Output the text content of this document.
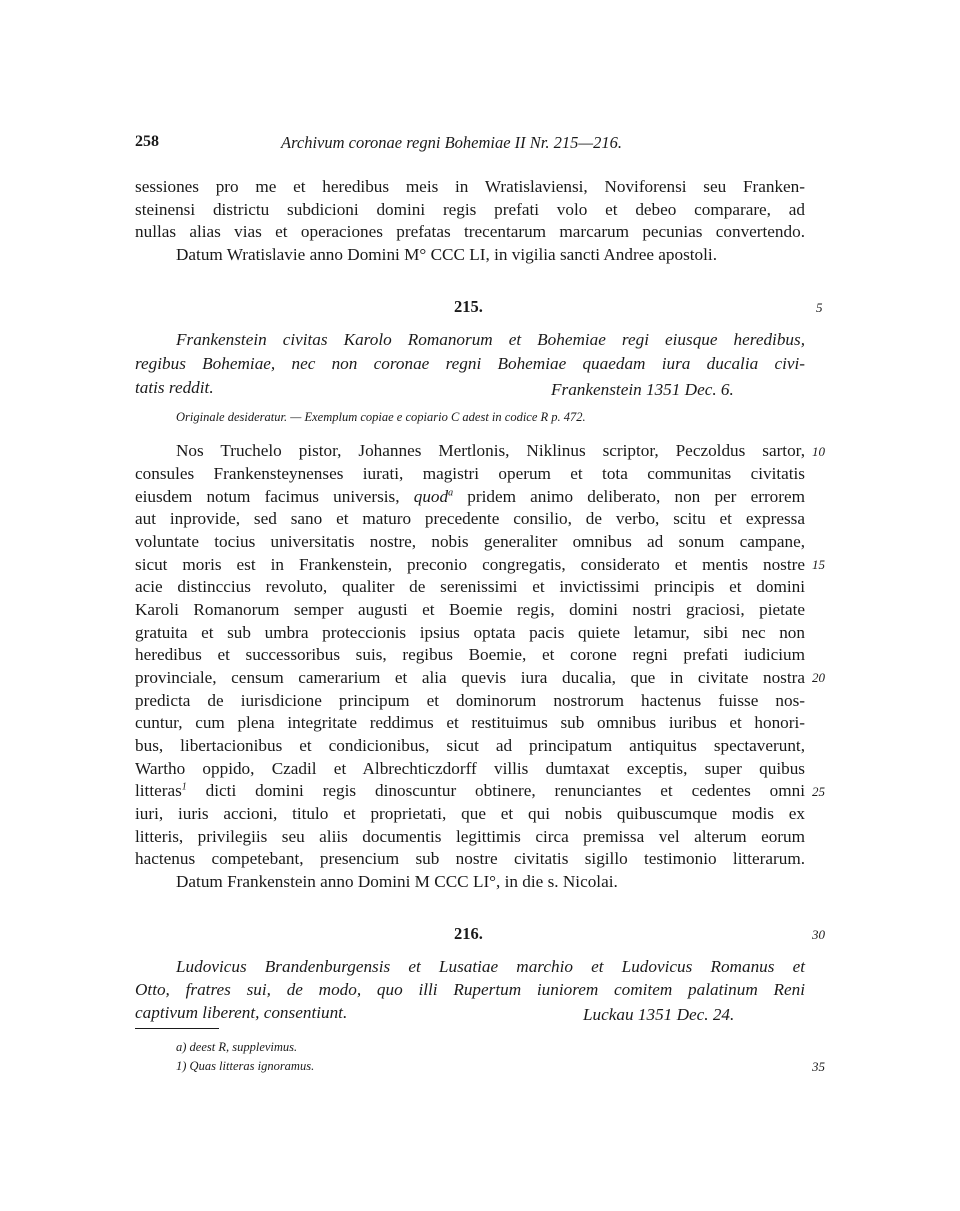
258	Archivum coronae regni Bohemiae II Nr. 215—216.
sessiones pro me et heredibus meis in Wratislaviensi, Noviforensi seu Franken-
steinensi districtu subdicioni domini regis prefati volo et debeo comparare, ad
nullas alias vias et operaciones prefatas trecentarum marcarum pecunias convertendo.
Datum Wratislavie anno Domini M° CCC LI, in vigilia sancti Andree apostoli.
215.	5
Frankenstein civitas Karolo Romanorum et Bohemiae regi eiusque heredibus,
regibus Bohemiae, nec non coronae regni Bohemiae quaedam iura ducalia civi-
tatis reddit.	Frankenstein 1351 Dec. 6.
Originale desideratur. — Exemplum copiae e copiario C adest in codice R p. 472.
Nos Truchelo pistor, Johannes Mertlonis, Niklinus scriptor, Peczoldus sartor, 10
consules Frankensteynenses iurati, magistri operum et tota communitas civitatis
eiusdem notum facimus universis, quod$^a$ pridem animo deliberato, non per errorem
aut inprovide, sed sano et maturo precedente consilio, de verbo, scitu et expressa
voluntate tocius universitatis nostre, nobis generaliter omnibus ad sonum campane,
sicut moris est in Frankenstein, preconio congregatis, considerato et mentis nostre 15
acie distinccius revoluto, qualiter de serenissimi et invictissimi principis et domini
Karoli Romanorum semper augusti et Boemie regis, domini nostri graciosi, pietate
gratuita et sub umbra proteccionis ipsius optata pacis quiete letamur, sibi nec non
heredibus et successoribus suis, regibus Boemie, et corone regni prefati iudicium
provinciale, censum camerarium et alia quevis iura ducalia, que in civitate nostra 20
predicta de iurisdicione principum et dominorum nostrorum hactenus fuisse nos-
cuntur, cum plena integritate reddimus et restituimus sub omnibus iuribus et honori-
bus, libertacionibus et condicionibus, sicut ad principatum antiquitus spectaverunt,
Wartho oppido, Czadil et Albrechticzdorff villis dumtaxat exceptis, super quibus
litteras$^1$ dicti domini regis dinoscuntur obtinere, renunciantes et cedentes omni 25
iuri, iuris accioni, titulo et proprietati, que et qui nobis quibuscumque modis ex
litteris, privilegiis seu aliis documentis legittimis circa premissa vel alterum eorum
hactenus competebant, presencium sub nostre civitatis sigillo testimonio litterarum.
Datum Frankenstein anno Domini M CCC LI°, in die s. Nicolai.
216.	30
Ludovicus Brandenburgensis et Lusatiae marchio et Ludovicus Romanus et
Otto, fratres sui, de modo, quo illi Rupertum iuniorem comitem palatinum Reni
captivum liberent, consentiunt.	Luckau 1351 Dec. 24.
a) deest R, supplevimus.
1) Quas litteras ignoramus.	35
